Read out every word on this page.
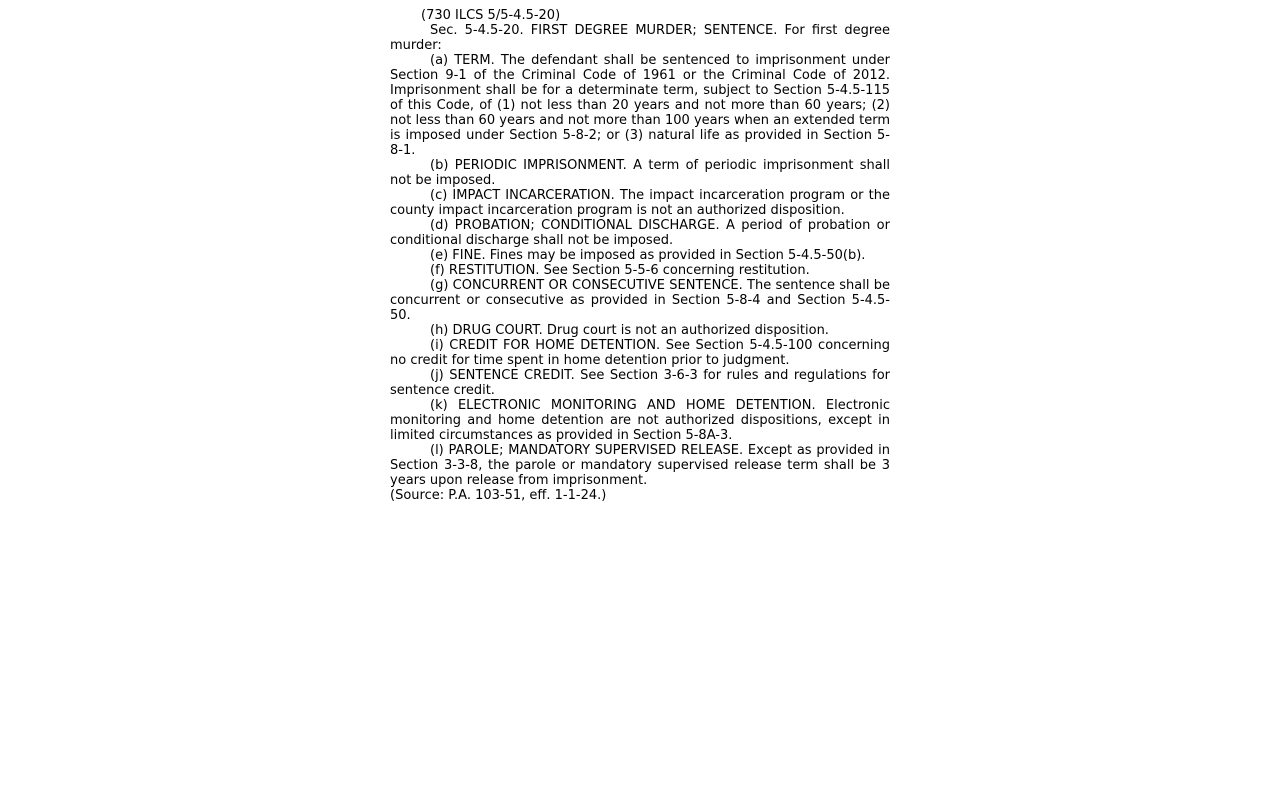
(730 ILCS 5/5-4.5-20)

Sec. 5-4.5-20. FIRST DEGREE MURDER; SENTENCE. For first degree murder:

(a) TERM. The defendant shall be sentenced to imprisonment under Section 9-1 of the Criminal Code of 1961 or the Criminal Code of 2012. Imprisonment shall be for a determinate term, subject to Section 5-4.5-115 of this Code, of (1) not less than 20 years and not more than 60 years; (2) not less than 60 years and not more than 100 years when an extended term is imposed under Section 5-8-2; or (3) natural life as provided in Section 5-8-1.

(b) PERIODIC IMPRISONMENT. A term of periodic imprisonment shall not be imposed.

(c) IMPACT INCARCERATION. The impact incarceration program or the county impact incarceration program is not an authorized disposition.

(d) PROBATION; CONDITIONAL DISCHARGE. A period of probation or conditional discharge shall not be imposed.

(e) FINE. Fines may be imposed as provided in Section 5-4.5-50(b).

(f) RESTITUTION. See Section 5-5-6 concerning restitution.

(g) CONCURRENT OR CONSECUTIVE SENTENCE. The sentence shall be concurrent or consecutive as provided in Section 5-8-4 and Section 5-4.5-50.

(h) DRUG COURT. Drug court is not an authorized disposition.

(i) CREDIT FOR HOME DETENTION. See Section 5-4.5-100 concerning no credit for time spent in home detention prior to judgment.

(j) SENTENCE CREDIT. See Section 3-6-3 for rules and regulations for sentence credit.

(k) ELECTRONIC MONITORING AND HOME DETENTION. Electronic monitoring and home detention are not authorized dispositions, except in limited circumstances as provided in Section 5-8A-3.

(l) PAROLE; MANDATORY SUPERVISED RELEASE. Except as provided in Section 3-3-8, the parole or mandatory supervised release term shall be 3 years upon release from imprisonment.

(Source: P.A. 103-51, eff. 1-1-24.)
